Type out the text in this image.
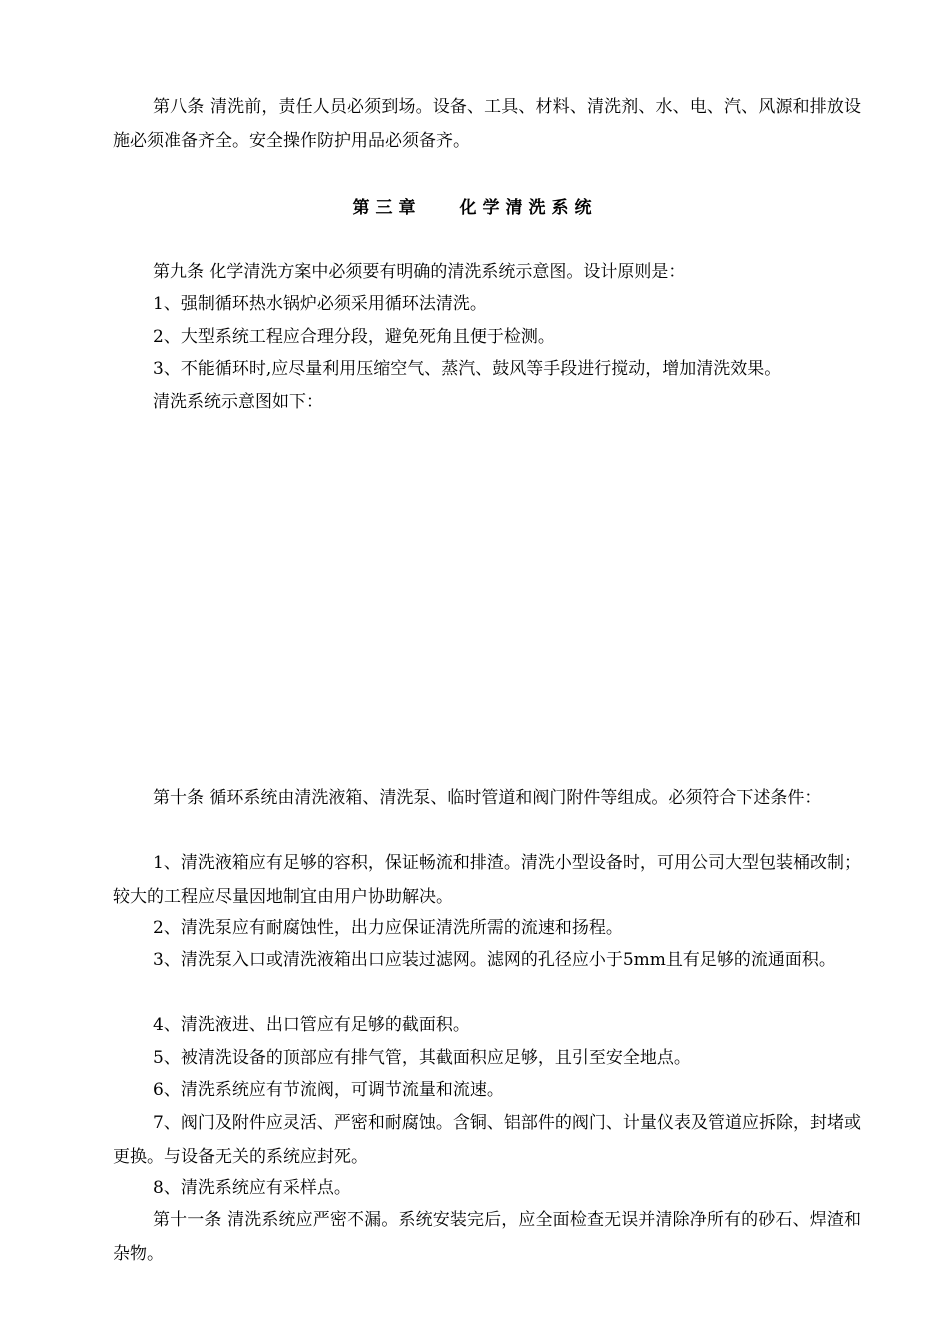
第八条 清洗前，责任人员必须到场。设备、工具、材料、清洗剂、水、电、汽、风源和排放设施必须准备齐全。安全操作防护用品必须备齐。

第三章 化学清洗系统

第九条 化学清洗方案中必须要有明确的清洗系统示意图。设计原则是：

1、强制循环热水锅炉必须采用循环法清洗。

2、大型系统工程应合理分段，避免死角且便于检测。

3、不能循环时,应尽量利用压缩空气、蒸汽、鼓风等手段进行搅动，增加清洗效果。

清洗系统示意图如下：

第十条 循环系统由清洗液箱、清洗泵、临时管道和阀门附件等组成。必须符合下述条件：

1、清洗液箱应有足够的容积，保证畅流和排渣。清洗小型设备时，可用公司大型包装桶改制；较大的工程应尽量因地制宜由用户协助解决。

2、清洗泵应有耐腐蚀性，出力应保证清洗所需的流速和扬程。

3、清洗泵入口或清洗液箱出口应装过滤网。滤网的孔径应小于5mm且有足够的流通面积。

4、清洗液进、出口管应有足够的截面积。

5、被清洗设备的顶部应有排气管，其截面积应足够，且引至安全地点。

6、清洗系统应有节流阀，可调节流量和流速。

7、阀门及附件应灵活、严密和耐腐蚀。含铜、铝部件的阀门、计量仪表及管道应拆除，封堵或更换。与设备无关的系统应封死。

8、清洗系统应有采样点。

第十一条 清洗系统应严密不漏。系统安装完后，应全面检查无误并清除净所有的砂石、焊渣和杂物。
